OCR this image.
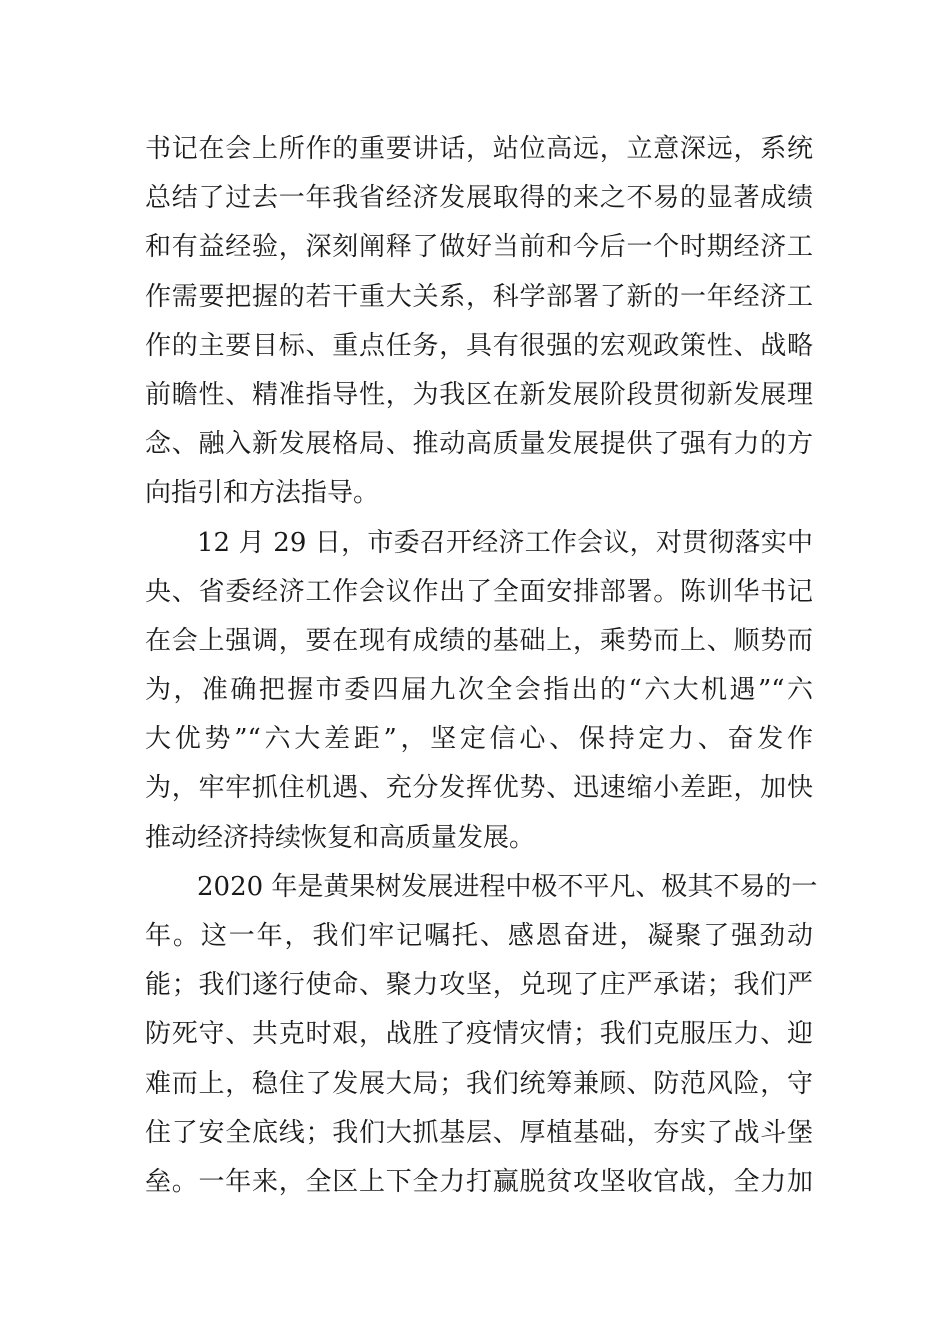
书记在会上所作的重要讲话，站位高远，立意深远，系统
总结了过去一年我省经济发展取得的来之不易的显著成绩
和有益经验，深刻阐释了做好当前和今后一个时期经济工
作需要把握的若干重大关系，科学部署了新的一年经济工
作的主要目标、重点任务，具有很强的宏观政策性、战略
前瞻性、精准指导性，为我区在新发展阶段贯彻新发展理
念、融入新发展格局、推动高质量发展提供了强有力的方
向指引和方法指导。
12 月 29 日，市委召开经济工作会议，对贯彻落实中
央、省委经济工作会议作出了全面安排部署。陈训华书记
在会上强调，要在现有成绩的基础上，乘势而上、顺势而
为，准确把握市委四届九次全会指出的“六大机遇”“六
大优势”“六大差距”，坚定信心、保持定力、奋发作
为，牢牢抓住机遇、充分发挥优势、迅速缩小差距，加快
推动经济持续恢复和高质量发展。
2020 年是黄果树发展进程中极不平凡、极其不易的一
年。这一年，我们牢记嘱托、感恩奋进，凝聚了强劲动
能；我们遂行使命、聚力攻坚，兑现了庄严承诺；我们严
防死守、共克时艰，战胜了疫情灾情；我们克服压力、迎
难而上，稳住了发展大局；我们统筹兼顾、防范风险，守
住了安全底线；我们大抓基层、厚植基础，夯实了战斗堡
垒。一年来，全区上下全力打赢脱贫攻坚收官战，全力加
